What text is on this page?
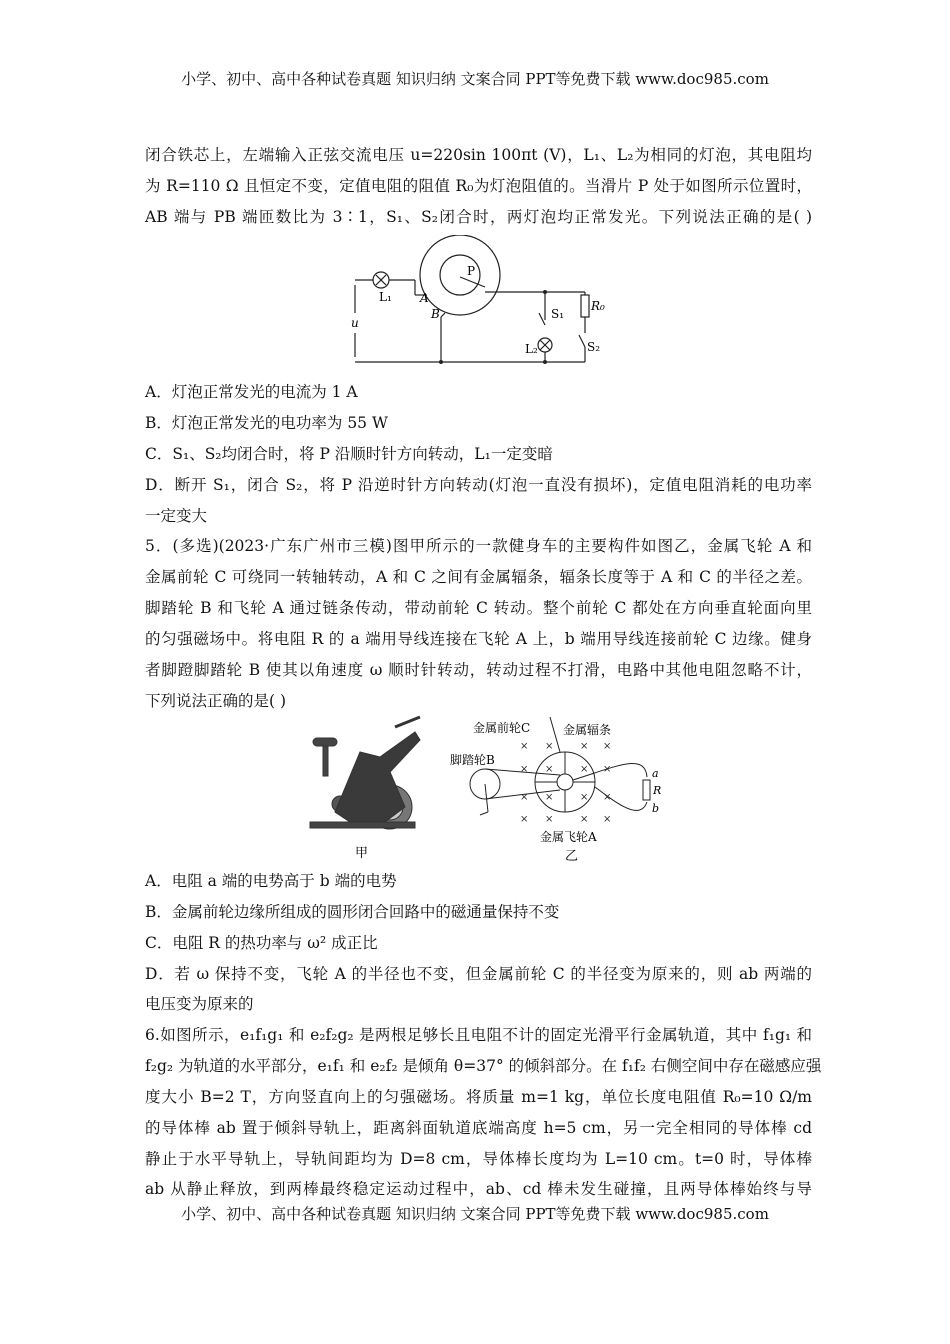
小学、初中、高中各种试卷真题 知识归纳 文案合同 PPT等免费下载 www.doc985.com
闭合铁芯上，左端输入正弦交流电压 u=220sin 100πt (V)，L₁、L₂为相同的灯泡，其电阻均
为 R=110 Ω 且恒定不变，定值电阻的阻值 R₀为灯泡阻值的。当滑片 P 处于如图所示位置时，
AB 端与 PB 端匝数比为 3∶1，S₁、S₂闭合时，两灯泡均正常发光。下列说法正确的是( )
L₁ A
B
P
u
S₁
L₂
R₀
S₂
A．灯泡正常发光的电流为 1 A
B．灯泡正常发光的电功率为 55 W
C．S₁、S₂均闭合时，将 P 沿顺时针方向转动，L₁一定变暗
D．断开 S₁，闭合 S₂，将 P 沿逆时针方向转动(灯泡一直没有损坏)，定值电阻消耗的电功率
一定变大
5．(多选)(2023·广东广州市三模)图甲所示的一款健身车的主要构件如图乙，金属飞轮 A 和
金属前轮 C 可绕同一转轴转动，A 和 C 之间有金属辐条，辐条长度等于 A 和 C 的半径之差。
脚踏轮 B 和飞轮 A 通过链条传动，带动前轮 C 转动。整个前轮 C 都处在方向垂直轮面向里
的匀强磁场中。将电阻 R 的 a 端用导线连接在飞轮 A 上，b 端用导线连接前轮 C 边缘。健身
者脚蹬脚踏轮 B 使其以角速度 ω 顺时针转动，转动过程不打滑，电路中其他电阻忽略不计，
下列说法正确的是( )
甲
× ×	× ×
× ×	× ×
× ×	× ×
× ×	× ×
金属前轮C	金属辐条
脚踏轮B
金属飞轮A
a
R
b
乙
A．电阻 a 端的电势高于 b 端的电势
B．金属前轮边缘所组成的圆形闭合回路中的磁通量保持不变
C．电阻 R 的热功率与 ω² 成正比
D．若 ω 保持不变，飞轮 A 的半径也不变，但金属前轮 C 的半径变为原来的，则 ab 两端的
电压变为原来的
6.如图所示，e₁f₁g₁ 和 e₂f₂g₂ 是两根足够长且电阻不计的固定光滑平行金属轨道，其中 f₁g₁ 和
f₂g₂ 为轨道的水平部分，e₁f₁ 和 e₂f₂ 是倾角 θ=37° 的倾斜部分。在 f₁f₂ 右侧空间中存在磁感应强
度大小 B=2 T，方向竖直向上的匀强磁场。将质量 m=1 kg，单位长度电阻值 R₀=10 Ω/m
的导体棒 ab 置于倾斜导轨上，距离斜面轨道底端高度 h=5 cm，另一完全相同的导体棒 cd
静止于水平导轨上，导轨间距均为 D=8 cm，导体棒长度均为 L=10 cm。t=0 时，导体棒
ab 从静止释放，到两棒最终稳定运动过程中，ab、cd 棒未发生碰撞，且两导体棒始终与导
小学、初中、高中各种试卷真题 知识归纳 文案合同 PPT等免费下载 www.doc985.com
